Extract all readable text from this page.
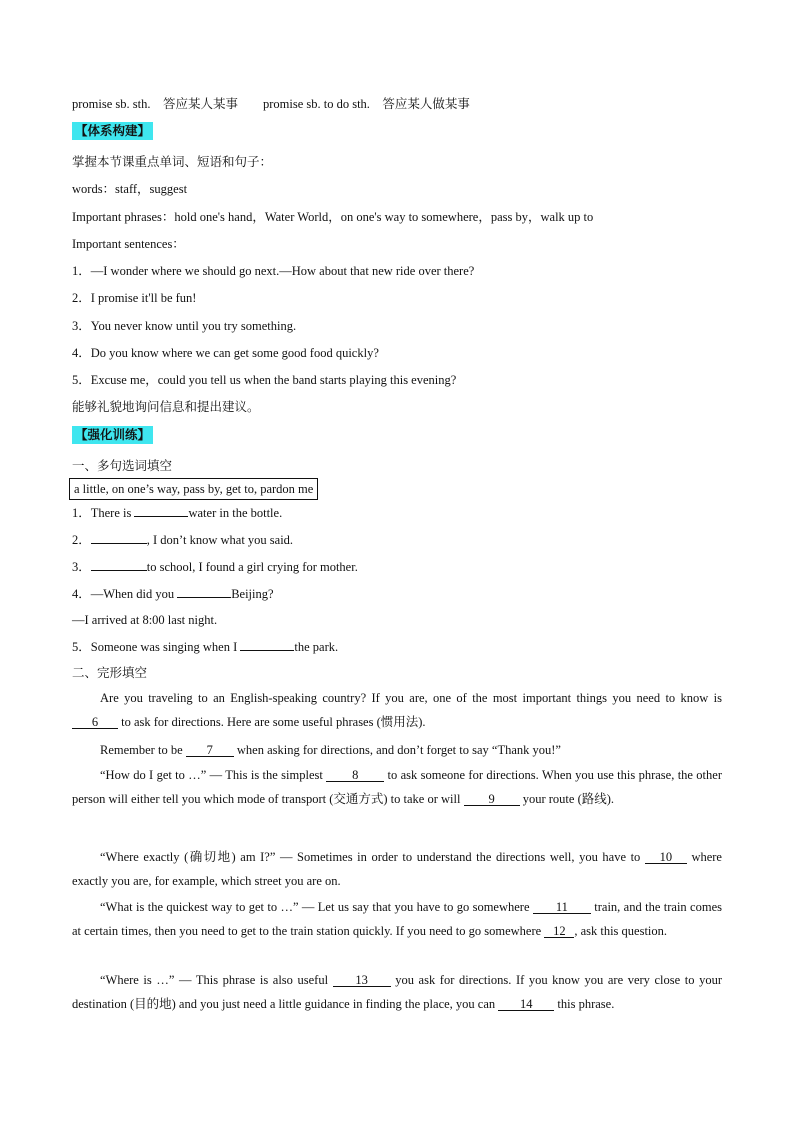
promise sb. sth.　答应某人某事　　promise sb. to do sth.　答应某人做某事
【体系构建】
掌握本节课重点单词、短语和句子：
words：staff，suggest
Important phrases：hold one's hand，Water World，on one's way to somewhere，pass by，walk up to
Important sentences：
1．—I wonder where we should go next.—How about that new ride over there?
2．I promise it'll be fun!
3．You never know until you try something.
4．Do you know where we can get some good food quickly?
5．Excuse me，could you tell us when the band starts playing this evening?
能够礼貌地询问信息和提出建议。
【强化训练】
一、多句选词填空
a little, on one’s way, pass by, get to, pardon me
1．There is	water in the bottle.
2．	, I don’t know what you said.
3．	to school, I found a girl crying for mother.
4．—When did you	Beijing?
—I arrived at 8:00 last night.
5．Someone was singing when I	the park.
二、完形填空
Are you traveling to an English-speaking country? If you are, one of the most important things you need to know is 6 to ask for directions. Here are some useful phrases (惯用法).
Remember to be 7 when asking for directions, and don’t forget to say “Thank you!”
“How do I get to …” — This is the simplest 8 to ask someone for directions. When you use this phrase, the other person will either tell you which mode of transport (交通方式) to take or will 9 your route (路线).
“Where exactly (确切地) am I?” — Sometimes in order to understand the directions well, you have to 10 where exactly you are, for example, which street you are on.
“What is the quickest way to get to …” — Let us say that you have to go somewhere 11 train, and the train comes at certain times, then you need to get to the train station quickly. If you need to go somewhere 12 , ask this question.
“Where is …” — This phrase is also useful 13 you ask for directions. If you know you are very close to your destination (目的地) and you just need a little guidance in finding the place, you can 14 this phrase.
